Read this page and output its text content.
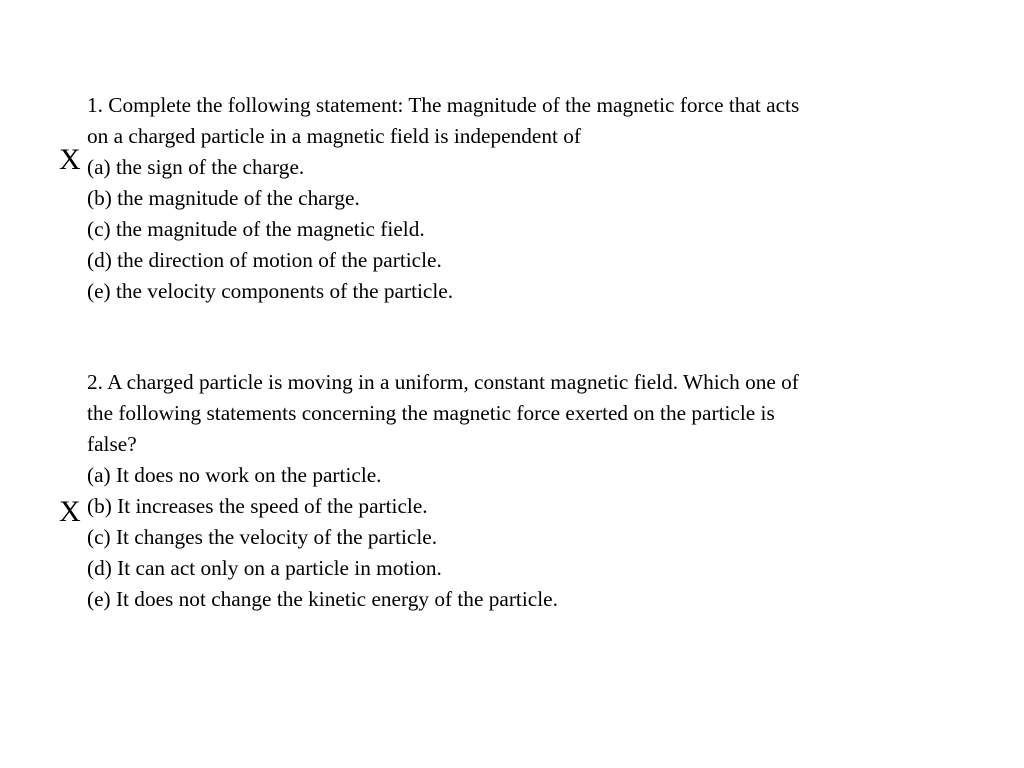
1. Complete the following statement: The magnitude of the magnetic force that acts
on a charged particle in a magnetic field is independent of
(a) the sign of the charge.
(b) the magnitude of the charge.
(c) the magnitude of the magnetic field.
(d) the direction of motion of the particle.
(e) the velocity components of the particle.
X
2. A charged particle is moving in a uniform, constant magnetic field. Which one of
the following statements concerning the magnetic force exerted on the particle is
false?
(a) It does no work on the particle.
(b) It increases the speed of the particle.
(c) It changes the velocity of the particle.
(d) It can act only on a particle in motion.
(e) It does not change the kinetic energy of the particle.
X
